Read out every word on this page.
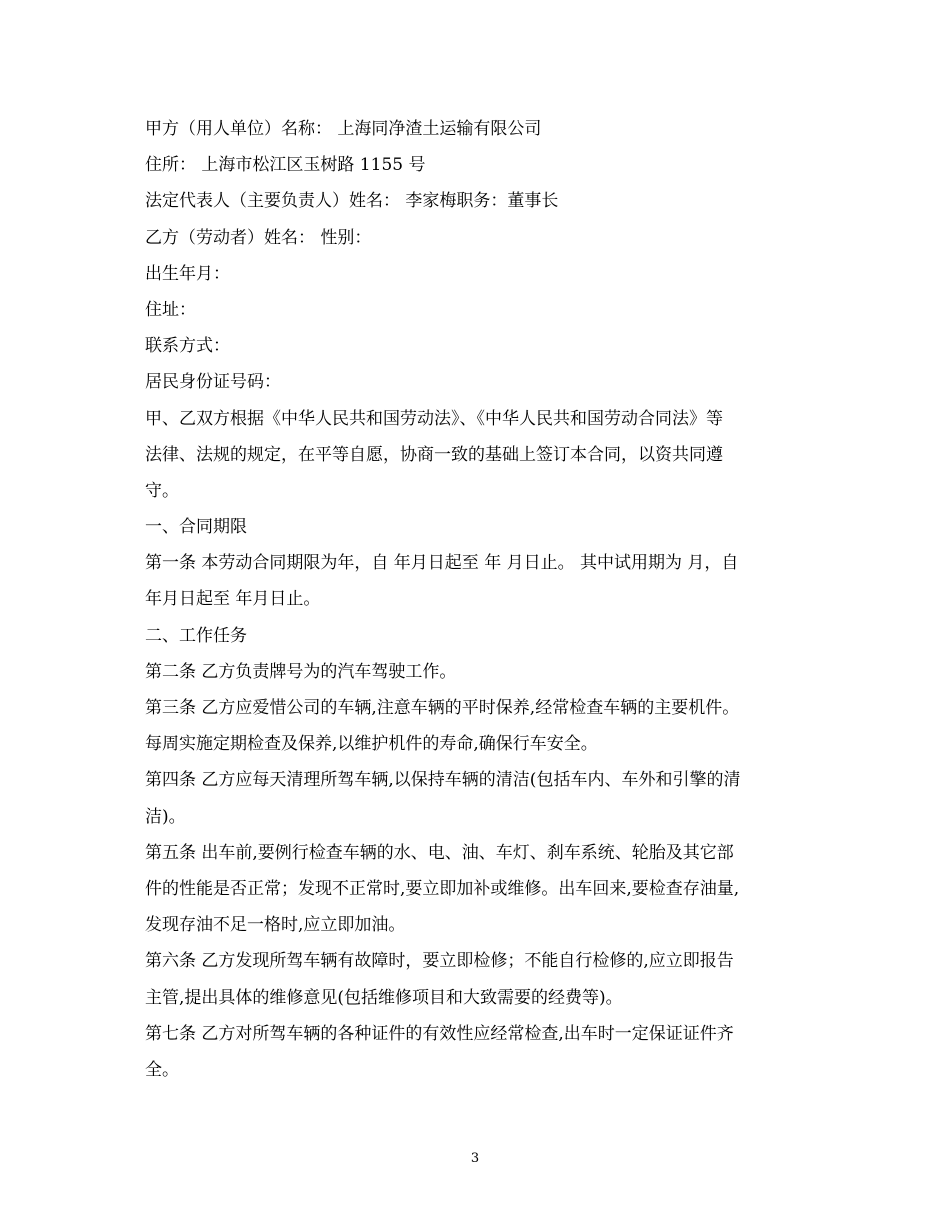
甲方（用人单位）名称： 上海同净渣土运输有限公司

住所： 上海市松江区玉树路 1155 号

法定代表人（主要负责人）姓名： 李家梅职务：董事长

乙方（劳动者）姓名： 性别：

出生年月：

住址：

联系方式：

居民身份证号码：

甲、乙双方根据《中华人民共和国劳动法》、《中华人民共和国劳动合同法》等

法律、法规的规定，在平等自愿，协商一致的基础上签订本合同，以资共同遵

守。

一、合同期限

第一条 本劳动合同期限为年，自 年月日起至 年 月日止。 其中试用期为 月，自

年月日起至 年月日止。

二、工作任务

第二条 乙方负责牌号为的汽车驾驶工作。

第三条 乙方应爱惜公司的车辆,注意车辆的平时保养,经常检查车辆的主要机件。

每周实施定期检查及保养,以维护机件的寿命,确保行车安全。

第四条 乙方应每天清理所驾车辆,以保持车辆的清洁(包括车内、车外和引擎的清

洁)。

第五条 出车前,要例行检查车辆的水、电、油、车灯、刹车系统、轮胎及其它部

件的性能是否正常；发现不正常时,要立即加补或维修。出车回来,要检查存油量,

发现存油不足一格时,应立即加油。

第六条 乙方发现所驾车辆有故障时，要立即检修；不能自行检修的,应立即报告

主管,提出具体的维修意见(包括维修项目和大致需要的经费等)。

第七条 乙方对所驾车辆的各种证件的有效性应经常检查,出车时一定保证证件齐

全。

3
